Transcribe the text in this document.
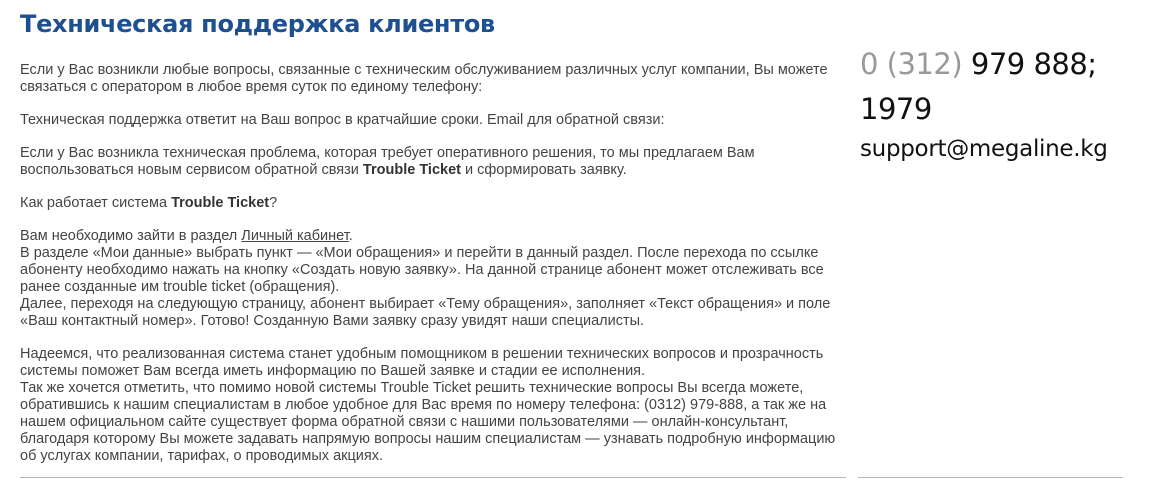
Техническая поддержка клиентов

Если у Вас возникли любые вопросы, связанные с техническим обслуживанием различных услуг компании, Вы можете связаться с оператором в любое время суток по единому телефону:

Техническая поддержка ответит на Ваш вопрос в кратчайшие сроки. Email для обратной связи:

Если у Вас возникла техническая проблема, которая требует оперативного решения, то мы предлагаем Вам воспользоваться новым сервисом обратной связи Trouble Ticket и сформировать заявку.

Как работает система Trouble Ticket?

Вам необходимо зайти в раздел Личный кабинет.

В разделе «Мои данные» выбрать пункт — «Мои обращения» и перейти в данный раздел. После перехода по ссылке абоненту необходимо нажать на кнопку «Создать новую заявку». На данной странице абонент может отслеживать все ранее созданные им trouble ticket (обращения).

Далее, переходя на следующую страницу, абонент выбирает «Тему обращения», заполняет «Текст обращения» и поле «Ваш контактный номер». Готово! Созданную Вами заявку сразу увидят наши специалисты.

Надеемся, что реализованная система станет удобным помощником в решении технических вопросов и прозрачность системы поможет Вам всегда иметь информацию по Вашей заявке и стадии ее исполнения.

Так же хочется отметить, что помимо новой системы Trouble Ticket решить технические вопросы Вы всегда можете, обратившись к нашим специалистам в любое удобное для Вас время по номеру телефона: (0312) 979-888, а так же на нашем официальном сайте существует форма обратной связи с нашими пользователями — онлайн-консультант, благодаря которому Вы можете задавать напрямую вопросы нашим специалистам — узнавать подробную информацию об услугах компании, тарифах, о проводимых акциях.

0 (312) 979 888;
1979
support@megaline.kg
